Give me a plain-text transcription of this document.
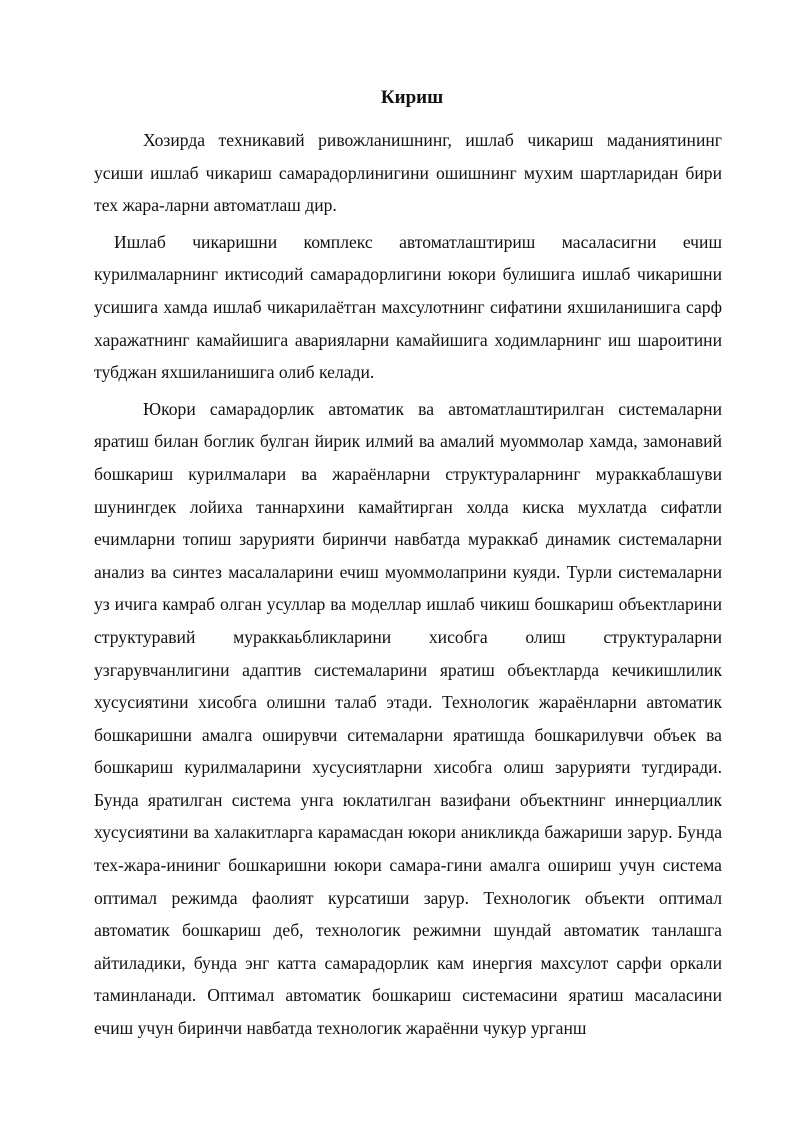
Кириш

Хозирда техникавий ривожланишнинг, ишлаб чикариш маданиятининг усиши ишлаб чикариш самарадорлинигини ошишнинг мухим шартларидан бири тех жара-ларни автоматлаш дир.

Ишлаб чикаришни комплекс автоматлаштириш масаласигни ечиш курилмаларнинг иктисодий самарадорлигини юкори булишига ишлаб чикаришни усишига хамда ишлаб чикарилаётган махсулотнинг сифатини яхшиланишига сарф харажатнинг камайишига аварияларни камайишига ходимларнинг иш шароитини тубджан яхшиланишига олиб келади.

Юкори самарадорлик автоматик ва автоматлаштирилган системаларни яратиш билан боглик булган йирик илмий ва амалий муоммолар хамда, замонавий бошкариш курилмалари ва жараёнларни структураларнинг мураккаблашуви шунингдек лойиха таннархини камайтирган холда киска мухлатда сифатли ечимларни топиш зарурияти биринчи навбатда мураккаб динамик системаларни анализ ва синтез масалаларини ечиш муоммолаприни куяди. Турли системаларни уз ичига камраб олган усуллар ва моделлар ишлаб чикиш бошкариш объектларини структуравий мураккаьбликларини хисобга олиш структураларни узгарувчанлигини адаптив системаларини яратиш объектларда кечикишлилик хусусиятини хисобга олишни талаб этади. Технологик жараёнларни автоматик бошкаришни амалга оширувчи ситемаларни яратишда бошкарилувчи объек ва бошкариш курилмаларини хусусиятларни хисобга олиш зарурияти тугдиради. Бунда яратилган система унга юклатилган вазифани объектнинг иннерциаллик хусусиятини ва халакитларга карамасдан юкори аникликда бажариши зарур. Бунда тех-жара-ининиг бошкаришни юкори самара-гини амалга ошириш учун система оптимал режимда фаолият курсатиши зарур. Технологик объекти оптимал автоматик бошкариш деб, технологик режимни шундай автоматик танлашга айтиладики, бунда энг катта самарадорлик кам инергия махсулот сарфи оркали таминланади. Оптимал автоматик бошкариш системасини яратиш масаласини ечиш учун биринчи навбатда технологик жараённи чукур урганш
